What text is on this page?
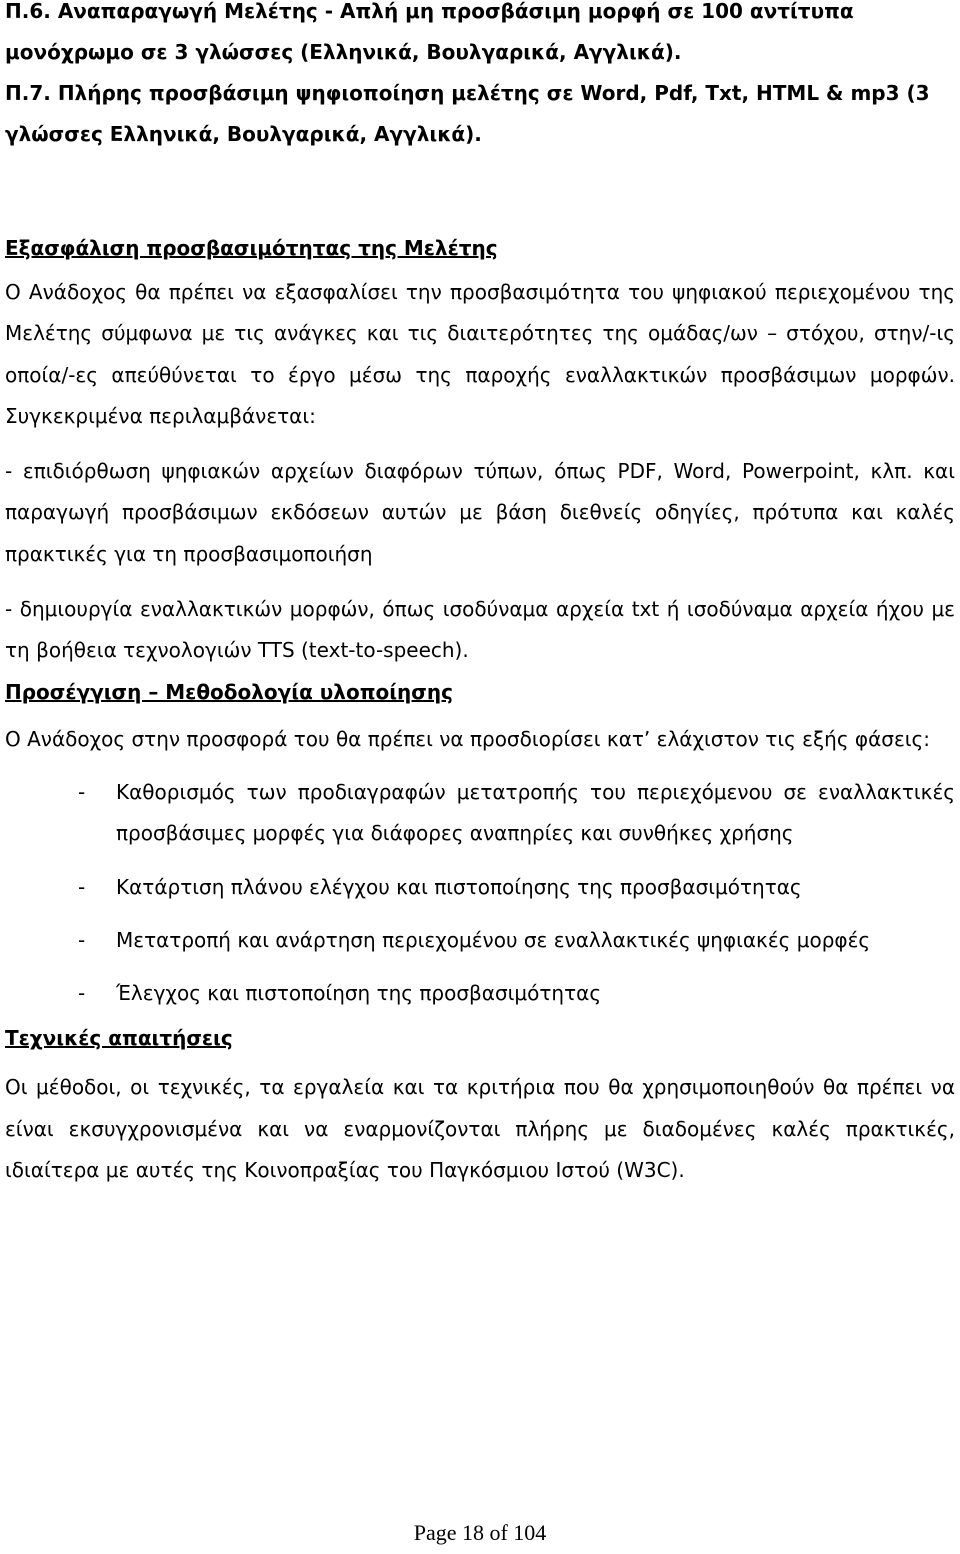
Π.6. Αναπαραγωγή Μελέτης - Απλή μη προσβάσιμη μορφή σε 100 αντίτυπα μονόχρωμο σε 3 γλώσσες (Ελληνικά, Βουλγαρικά, Αγγλικά).

Π.7. Πλήρης προσβάσιμη ψηφιοποίηση μελέτης σε Word, Pdf, Txt, HTML & mp3 (3 γλώσσες Ελληνικά, Βουλγαρικά, Αγγλικά).

Εξασφάλιση προσβασιμότητας της Μελέτης

Ο Ανάδοχος θα πρέπει να εξασφαλίσει την προσβασιμότητα του ψηφιακού περιεχομένου της Μελέτης σύμφωνα με τις ανάγκες και τις διαιτερότητες της ομάδας/ων – στόχου, στην/-ις οποία/-ες απεύθύνεται το έργο μέσω της παροχής εναλλακτικών προσβάσιμων μορφών. Συγκεκριμένα περιλαμβάνεται:

- επιδιόρθωση ψηφιακών αρχείων διαφόρων τύπων, όπως PDF, Word, Powerpoint, κλπ. και παραγωγή προσβάσιμων εκδόσεων αυτών με βάση διεθνείς οδηγίες, πρότυπα και καλές πρακτικές για τη προσβασιμοποιήση

- δημιουργία εναλλακτικών μορφών, όπως ισοδύναμα αρχεία txt ή ισοδύναμα αρχεία ήχου με τη βοήθεια τεχνολογιών TTS (text-to-speech).

Προσέγγιση – Μεθοδολογία υλοποίησης

Ο Ανάδοχος στην προσφορά του θα πρέπει να προσδιορίσει κατ’ ελάχιστον τις εξής φάσεις:

- Καθορισμός των προδιαγραφών μετατροπής του περιεχόμενου σε εναλλακτικές προσβάσιμες μορφές για διάφορες αναπηρίες και συνθήκες χρήσης
- Κατάρτιση πλάνου ελέγχου και πιστοποίησης της προσβασιμότητας
- Μετατροπή και ανάρτηση περιεχομένου σε εναλλακτικές ψηφιακές μορφές
- Έλεγχος και πιστοποίηση της προσβασιμότητας
Τεχνικές απαιτήσεις

Οι μέθοδοι, οι τεχνικές, τα εργαλεία και τα κριτήρια που θα χρησιμοποιηθούν θα πρέπει να είναι εκσυγχρονισμένα και να εναρμονίζονται πλήρης με διαδομένες καλές πρακτικές, ιδιαίτερα με αυτές της Κοινοπραξίας του Παγκόσμιου Ιστού (W3C).

Page 18 of 104
